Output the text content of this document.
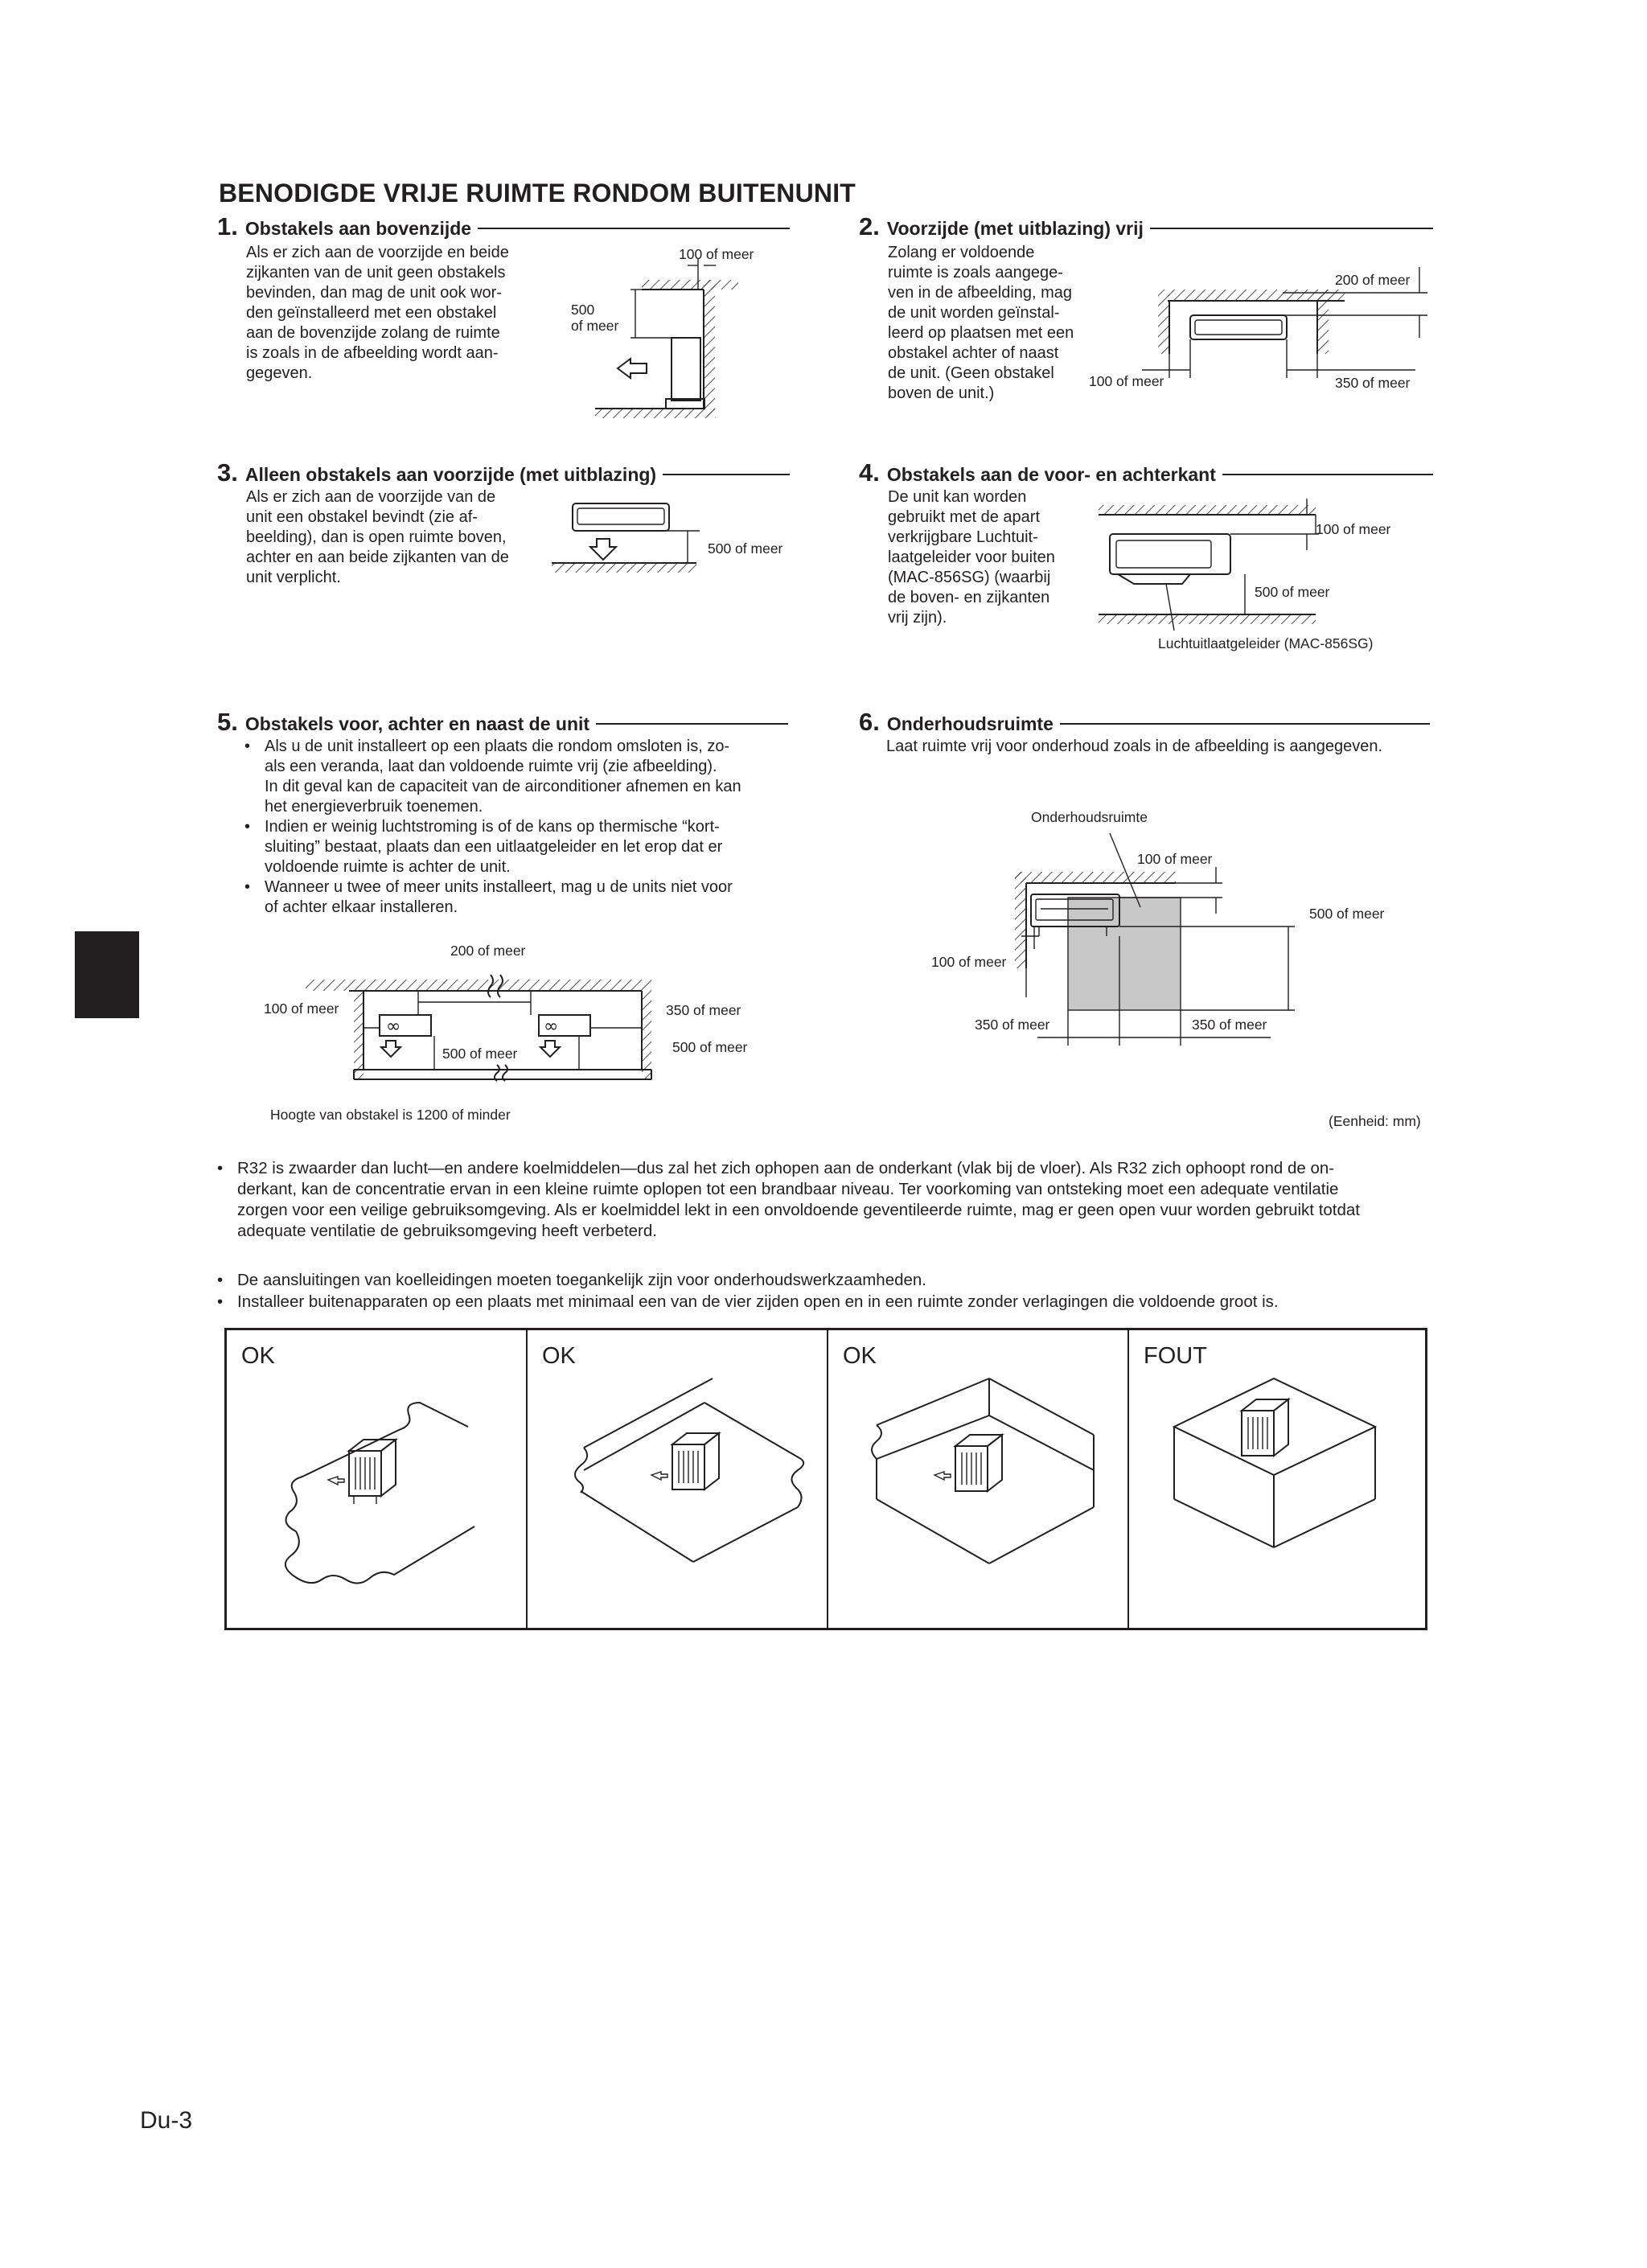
BENODIGDE VRIJE RUIMTE RONDOM BUITENUNIT
1. Obstakels aan bovenzijde

Als er zich aan de voorzijde en beide

zijkanten van de unit geen obstakels

bevinden, dan mag de unit ook wor-

den geïnstalleerd met een obstakel

aan de bovenzijde zolang de ruimte

is zoals in de afbeelding wordt aan-

gegeven.

100 of meer
500
of meer
2. Voorzijde (met uitblazing) vrij

Zolang er voldoende

ruimte is zoals aangege-

ven in de afbeelding, mag

de unit worden geïnstal-

leerd op plaatsen met een

obstakel achter of naast

de unit. (Geen obstakel

boven de unit.)

200 of meer
100 of meer	350 of meer
3. Alleen obstakels aan voorzijde (met uitblazing)

Als er zich aan de voorzijde van de

unit een obstakel bevindt (zie af-

beelding), dan is open ruimte boven,

achter en aan beide zijkanten van de

unit verplicht.

500 of meer
4. Obstakels aan de voor- en achterkant

De unit kan worden

gebruikt met de apart

verkrijgbare Luchtuit-

laatgeleider voor buiten

(MAC-856SG) (waarbij

de boven- en zijkanten

vrij zijn).

100 of meer
500 of meer
Luchtuitlaatgeleider (MAC-856SG)
5. Obstakels voor, achter en naast de unit
• Als u de unit installeert op een plaats die rondom omsloten is, zo-
als een veranda, laat dan voldoende ruimte vrij (zie afbeelding).
In dit geval kan de capaciteit van de airconditioner afnemen en kan
het energieverbruik toenemen.
• Indien er weinig luchtstroming is of de kans op thermische “kort-
sluiting” bestaat, plaats dan een uitlaatgeleider en let erop dat er
voldoende ruimte is achter de unit.
• Wanneer u twee of meer units installeert, mag u de units niet voor
of achter elkaar installeren.
∞	∞
200 of meer
100 of meer	350 of meer
500 of meer	500 of meer
Hoogte van obstakel is 1200 of minder
6. Onderhoudsruimte

Laat ruimte vrij voor onderhoud zoals in de afbeelding is aangegeven.

Onderhoudsruimte
100 of meer
500 of meer
100 of meer
350 of meer	350 of meer
(Eenheid: mm)
• R32 is zwaarder dan lucht—en andere koelmiddelen—dus zal het zich ophopen aan de onderkant (vlak bij de vloer). Als R32 zich ophoopt rond de on-
derkant, kan de concentratie ervan in een kleine ruimte oplopen tot een brandbaar niveau. Ter voorkoming van ontsteking moet een adequate ventilatie
zorgen voor een veilige gebruiksomgeving. Als er koelmiddel lekt in een onvoldoende geventileerde ruimte, mag er geen open vuur worden gebruikt totdat
adequate ventilatie de gebruiksomgeving heeft verbeterd.
• De aansluitingen van koelleidingen moeten toegankelijk zijn voor onderhoudswerkzaamheden.
• Installeer buitenapparaten op een plaats met minimaal een van de vier zijden open en in een ruimte zonder verlagingen die voldoende groot is.
OK	OK	OK	FOUT
Du-3
